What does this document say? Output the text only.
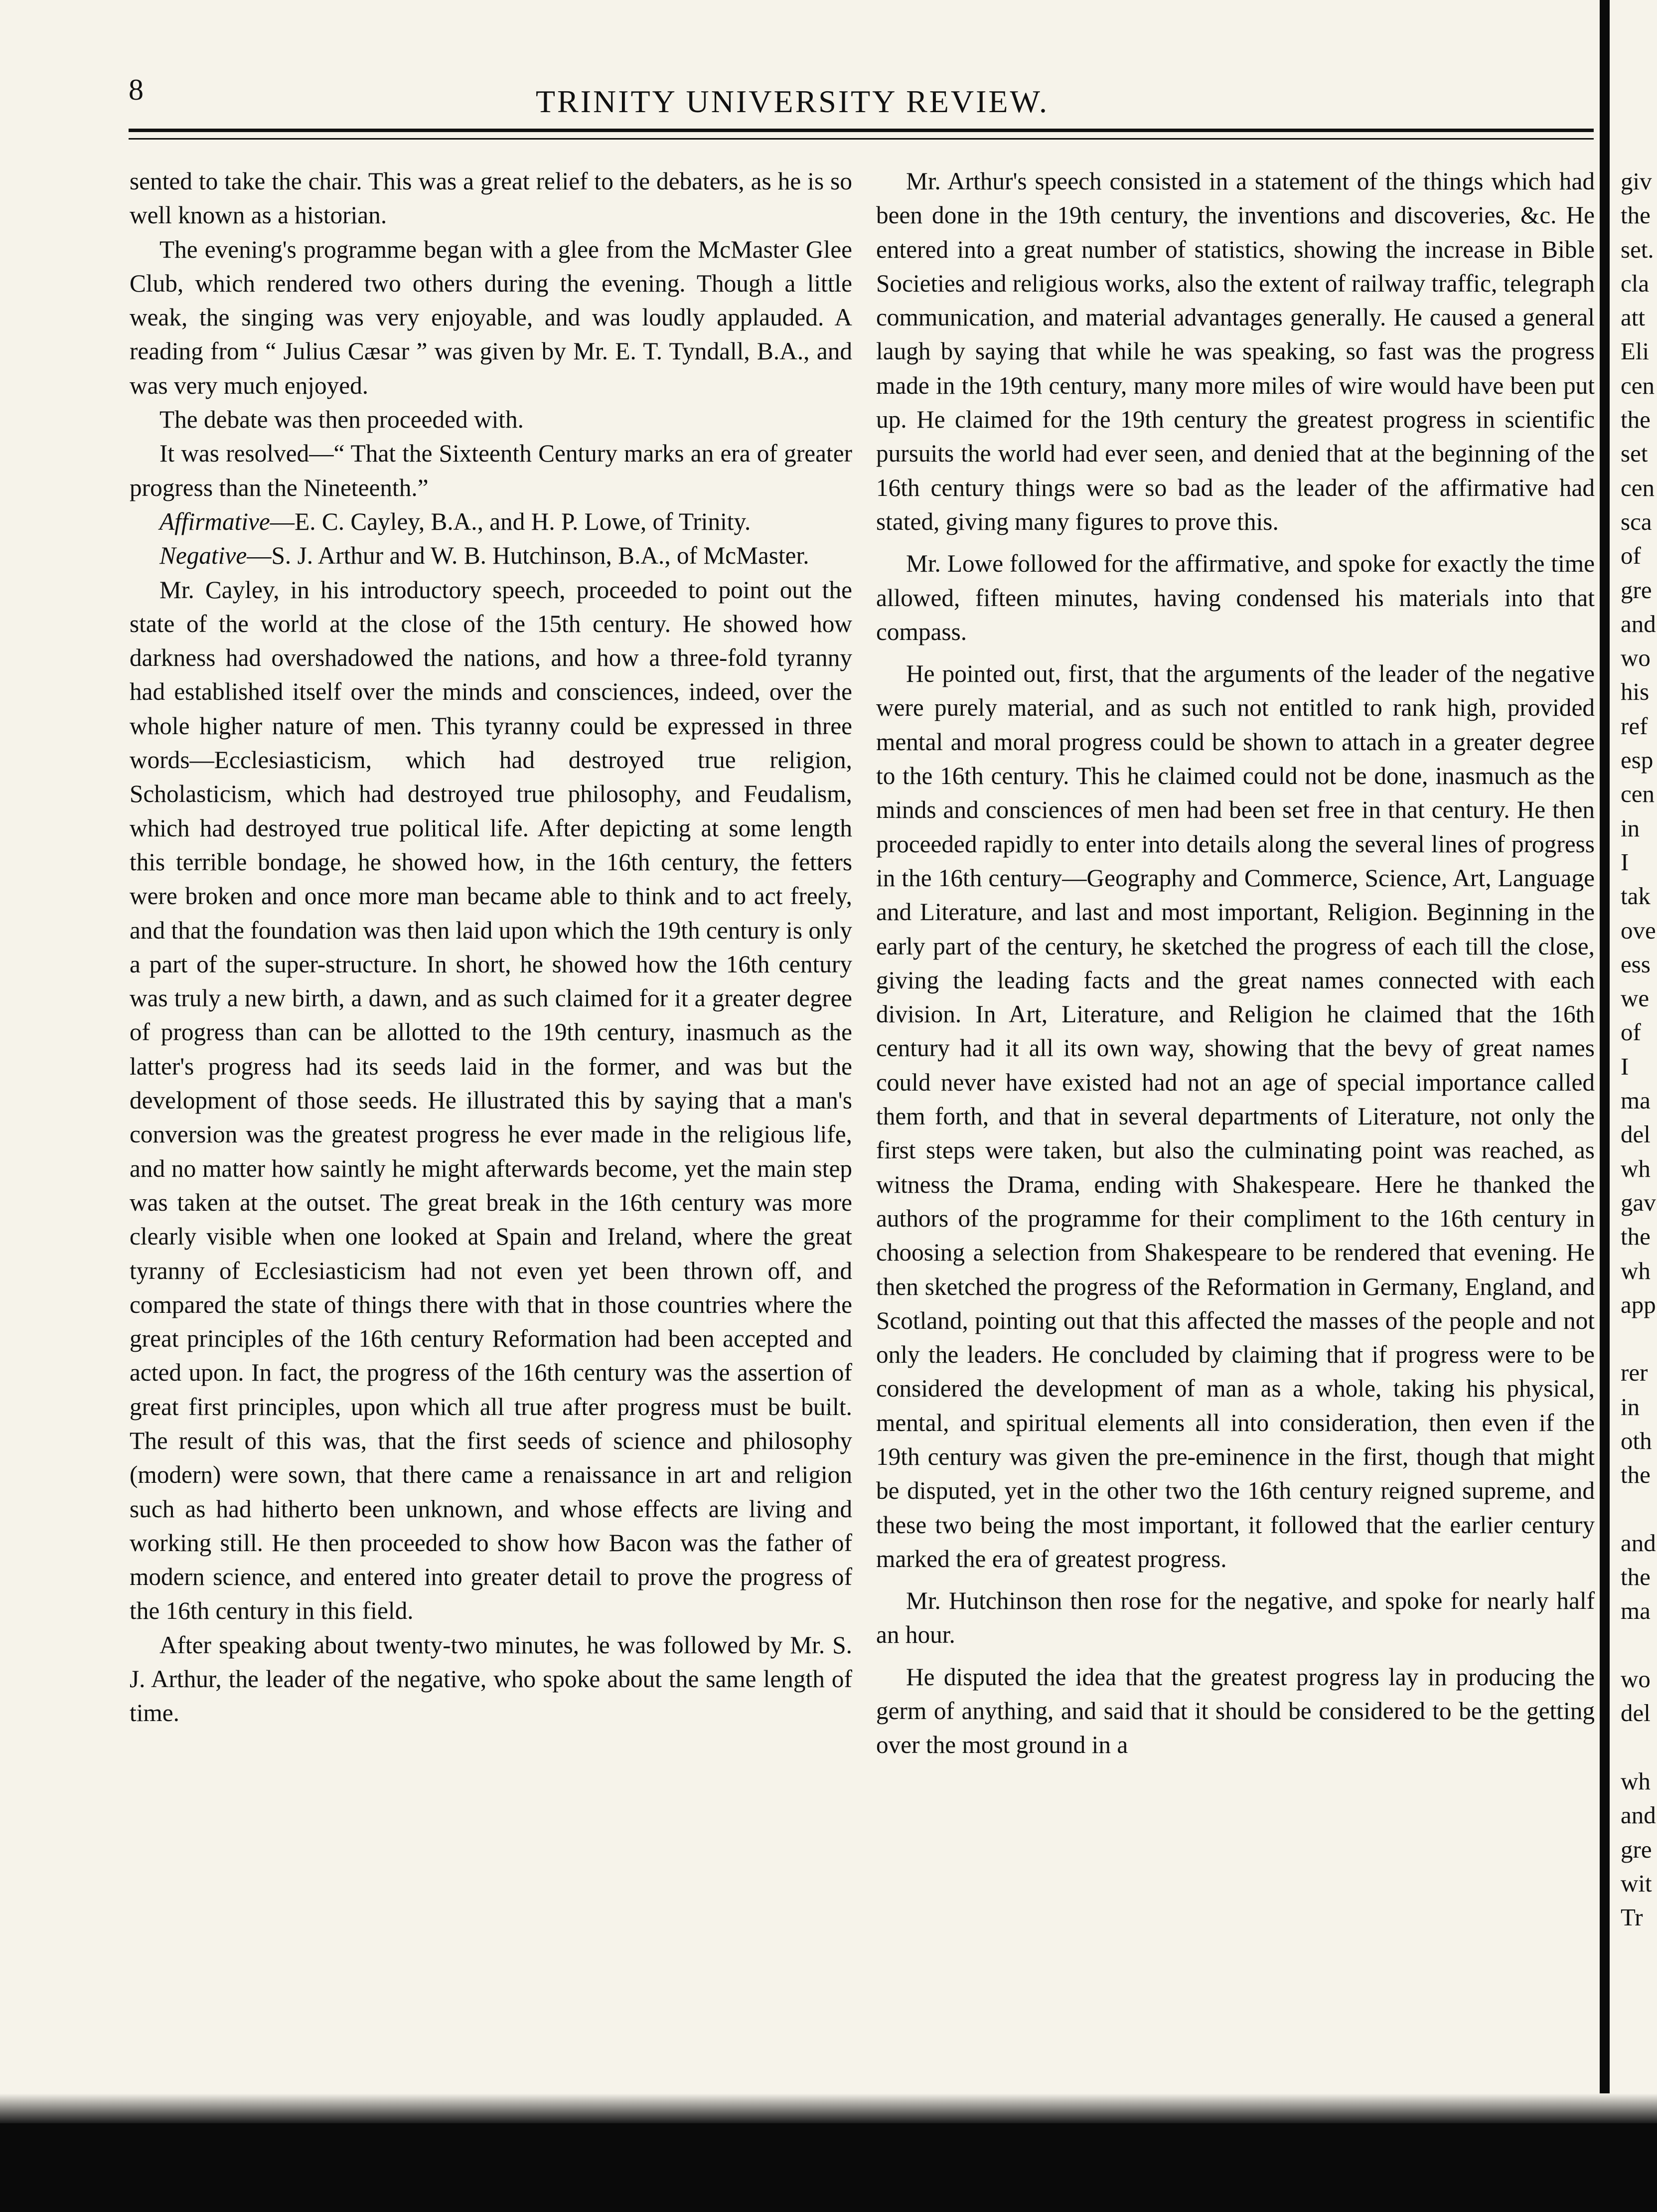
8	TRINITY UNIVERSITY REVIEW.

sented to take the chair. This was a great relief to the debaters, as he is so well known as a historian.

The evening's programme began with a glee from the McMaster Glee Club, which rendered two others during the evening. Though a little weak, the singing was very enjoyable, and was loudly applauded. A reading from “ Julius Cæsar ” was given by Mr. E. T. Tyndall, B.A., and was very much enjoyed.

The debate was then proceeded with.

It was resolved—“ That the Sixteenth Century marks an era of greater progress than the Nineteenth.”

Affirmative—E. C. Cayley, B.A., and H. P. Lowe, of Trinity.

Negative—S. J. Arthur and W. B. Hutchinson, B.A., of McMaster.

Mr. Cayley, in his introductory speech, proceeded to point out the state of the world at the close of the 15th century. He showed how darkness had overshadowed the nations, and how a three-fold tyranny had established itself over the minds and consciences, indeed, over the whole higher nature of men. This tyranny could be expressed in three words—Ecclesiasticism, which had destroyed true religion, Scholasticism, which had destroyed true philosophy, and Feudalism, which had destroyed true political life. After depicting at some length this terrible bondage, he showed how, in the 16th century, the fetters were broken and once more man became able to think and to act freely, and that the foundation was then laid upon which the 19th century is only a part of the super-structure. In short, he showed how the 16th century was truly a new birth, a dawn, and as such claimed for it a greater degree of progress than can be allotted to the 19th century, inasmuch as the latter's progress had its seeds laid in the former, and was but the development of those seeds. He illustrated this by saying that a man's conversion was the greatest progress he ever made in the religious life, and no matter how saintly he might afterwards become, yet the main step was taken at the outset. The great break in the 16th century was more clearly visible when one looked at Spain and Ireland, where the great tyranny of Ecclesiasticism had not even yet been thrown off, and compared the state of things there with that in those countries where the great principles of the 16th century Reformation had been accepted and acted upon. In fact, the progress of the 16th century was the assertion of great first principles, upon which all true after progress must be built. The result of this was, that the first seeds of science and philosophy (modern) were sown, that there came a renaissance in art and religion such as had hitherto been unknown, and whose effects are living and working still. He then proceeded to show how Bacon was the father of modern science, and entered into greater detail to prove the progress of the 16th century in this field.

After speaking about twenty-two minutes, he was followed by Mr. S. J. Arthur, the leader of the negative, who spoke about the same length of time.

Mr. Arthur's speech consisted in a statement of the things which had been done in the 19th century, the inventions and discoveries, &c. He entered into a great number of statistics, showing the increase in Bible Societies and religious works, also the extent of railway traffic, telegraph communication, and material advantages generally. He caused a general laugh by saying that while he was speaking, so fast was the progress made in the 19th century, many more miles of wire would have been put up. He claimed for the 19th century the greatest progress in scientific pursuits the world had ever seen, and denied that at the beginning of the 16th century things were so bad as the leader of the affirmative had stated, giving many figures to prove this.

Mr. Lowe followed for the affirmative, and spoke for exactly the time allowed, fifteen minutes, having condensed his materials into that compass.

He pointed out, first, that the arguments of the leader of the negative were purely material, and as such not entitled to rank high, provided mental and moral progress could be shown to attach in a greater degree to the 16th century. This he claimed could not be done, inasmuch as the minds and consciences of men had been set free in that century. He then proceeded rapidly to enter into details along the several lines of progress in the 16th century—Geography and Commerce, Science, Art, Language and Literature, and last and most important, Religion. Beginning in the early part of the century, he sketched the progress of each till the close, giving the leading facts and the great names connected with each division. In Art, Literature, and Religion he claimed that the 16th century had it all its own way, showing that the bevy of great names could never have existed had not an age of special importance called them forth, and that in several departments of Literature, not only the first steps were taken, but also the culminating point was reached, as witness the Drama, ending with Shakespeare. Here he thanked the authors of the programme for their compliment to the 16th century in choosing a selection from Shakespeare to be rendered that evening. He then sketched the progress of the Reformation in Germany, England, and Scotland, pointing out that this affected the masses of the people and not only the leaders. He concluded by claiming that if progress were to be considered the development of man as a whole, taking his physical, mental, and spiritual elements all into consideration, then even if the 19th century was given the pre-eminence in the first, though that might be disputed, yet in the other two the 16th century reigned supreme, and these two being the most important, it followed that the earlier century marked the era of greatest progress.

Mr. Hutchinson then rose for the negative, and spoke for nearly half an hour.

He disputed the idea that the greatest progress lay in producing the germ of anything, and said that it should be considered to be the getting over the most ground in a

giv
the
set.
cla
att
Eli
cen
the
set
cen
sca
of
gre
and
wo
his
ref
esp
cen
in
I
tak
ove
ess
we
of
I
ma
del
wh
gav
the
wh
app
rer
in
oth
the
and
the
ma
wo
del
wh
and
gre
wit
Tr
